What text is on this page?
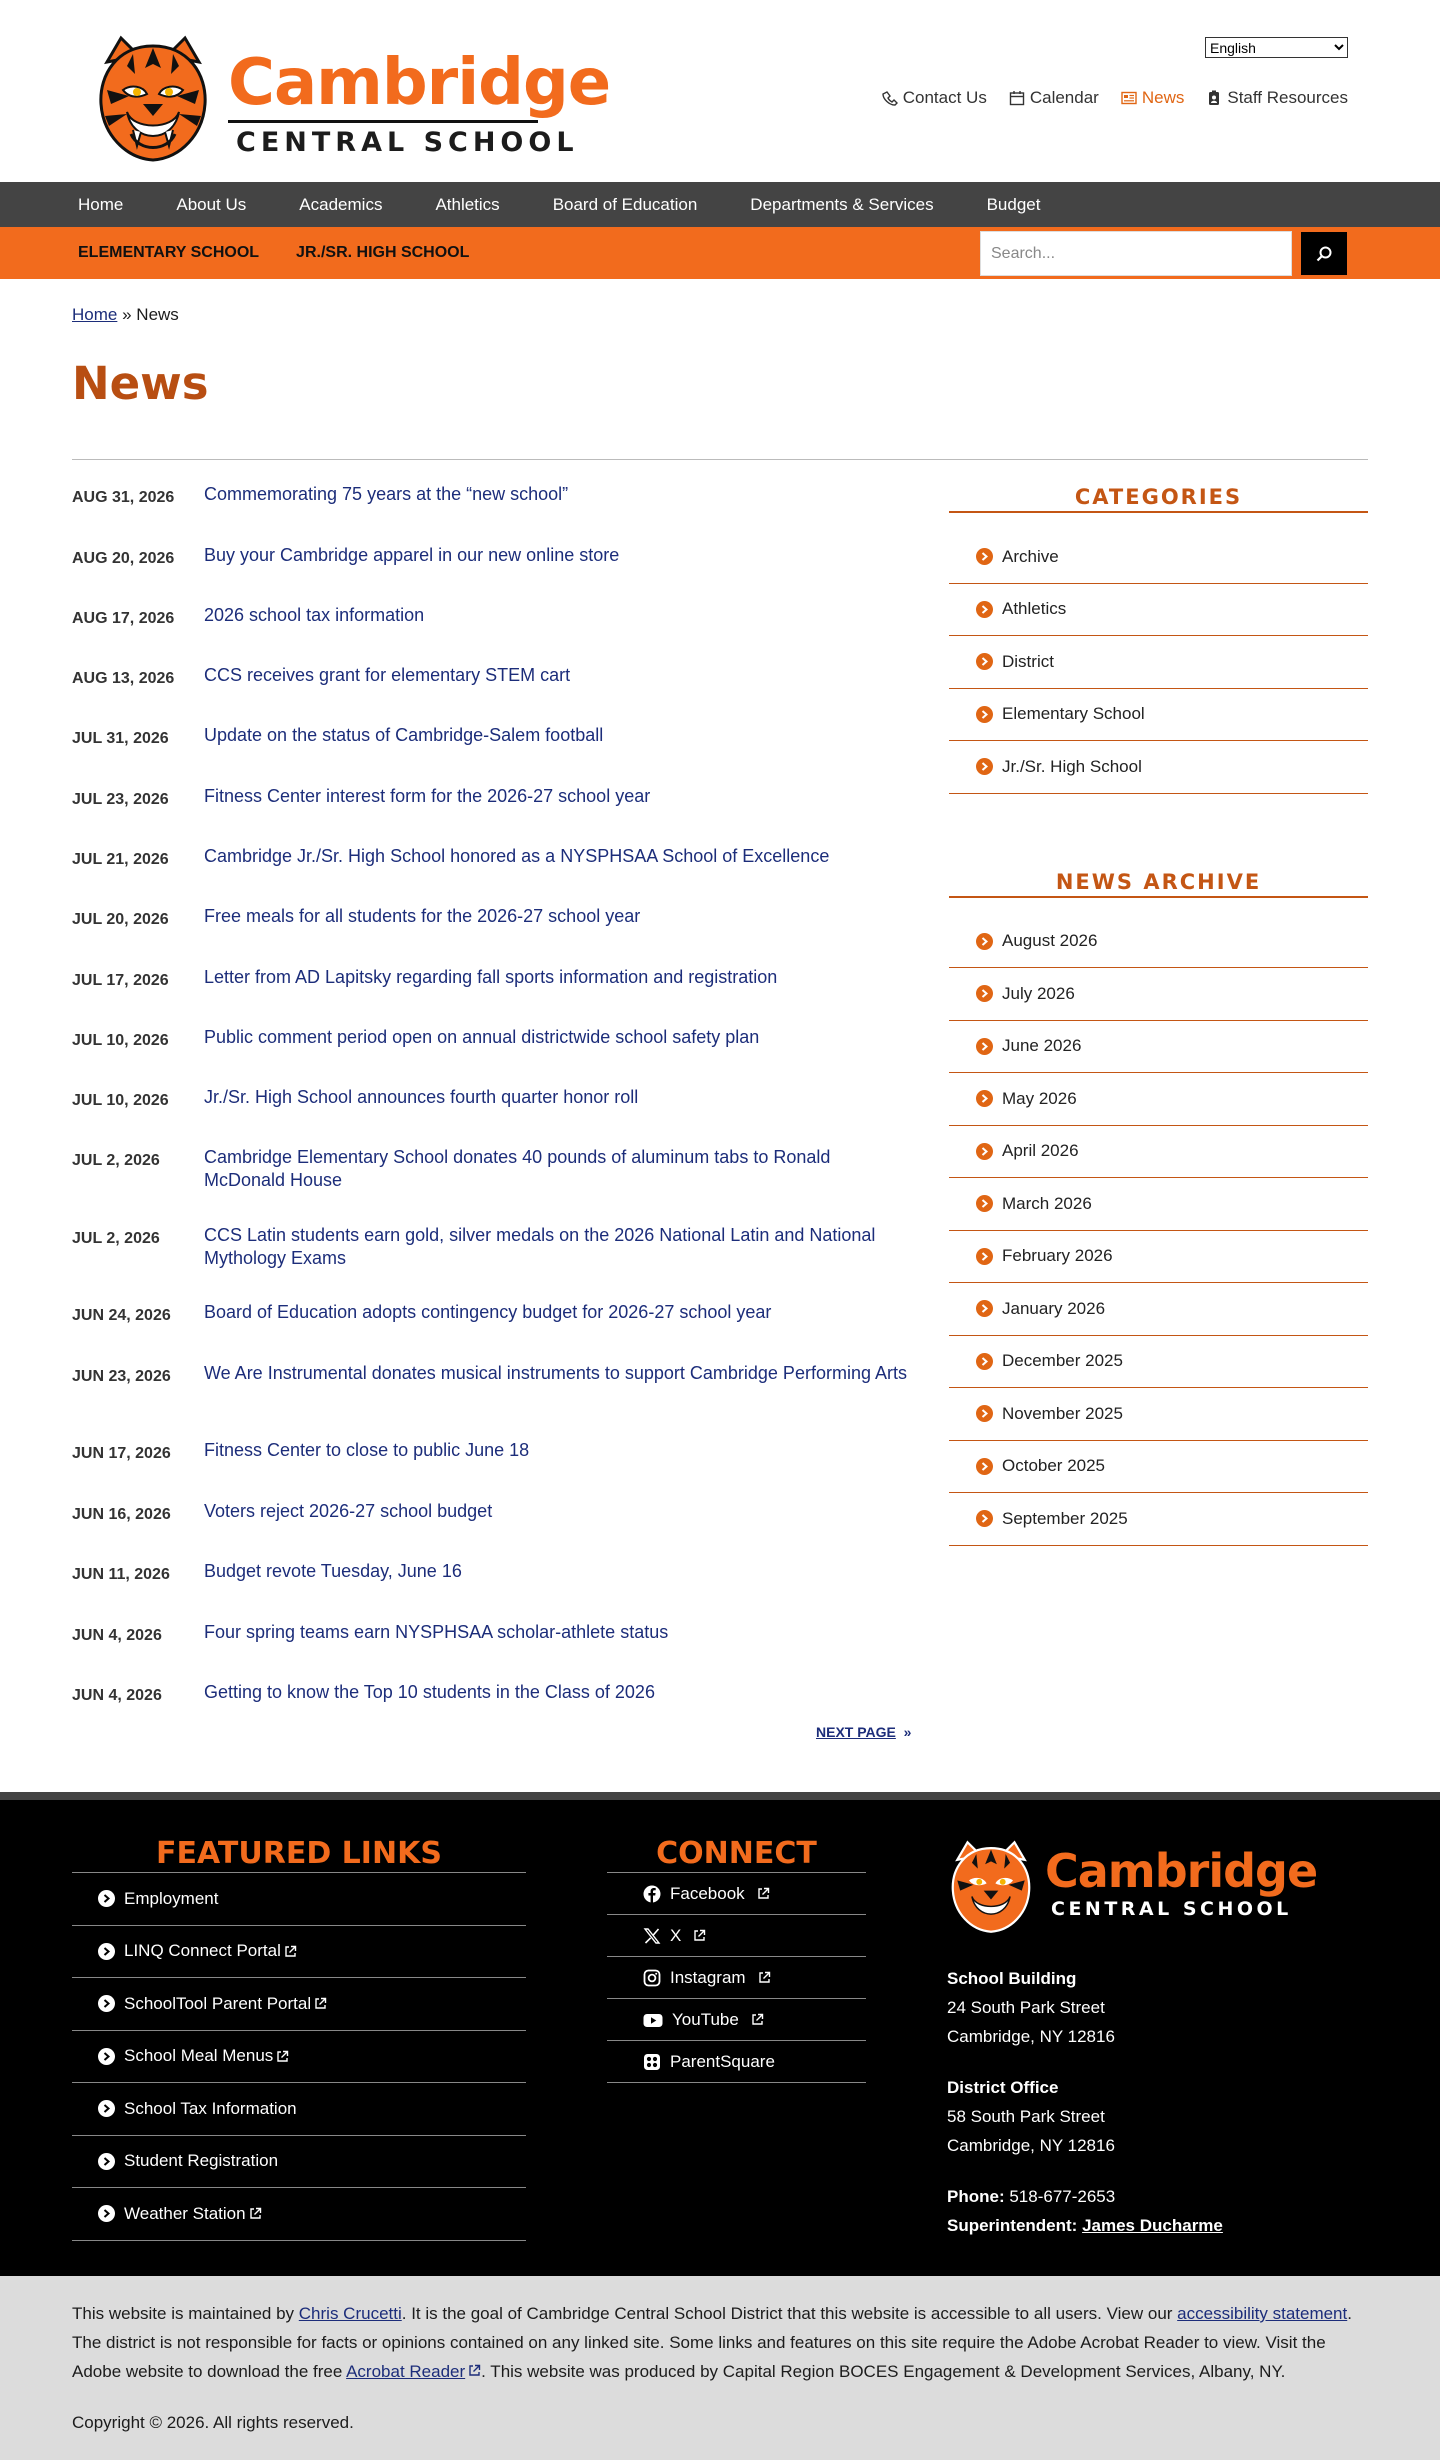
Cambridge
CENTRAL SCHOOL
English
Contact Us	Calendar	News	Staff Resources
Home	About Us	Academics	Athletics	Board of Education	Departments & Services	Budget
ELEMENTARY SCHOOL JR./SR. HIGH SCHOOL	Search...
Home » News
News
AUG 31, 2026	Commemorating 75 years at the “new school”
AUG 20, 2026	Buy your Cambridge apparel in our new online store
AUG 17, 2026	2026 school tax information
AUG 13, 2026	CCS receives grant for elementary STEM cart
JUL 31, 2026	Update on the status of Cambridge-Salem football
JUL 23, 2026	Fitness Center interest form for the 2026-27 school year
JUL 21, 2026	Cambridge Jr./Sr. High School honored as a NYSPHSAA School of Excellence
JUL 20, 2026	Free meals for all students for the 2026-27 school year
JUL 17, 2026	Letter from AD Lapitsky regarding fall sports information and registration
JUL 10, 2026	Public comment period open on annual districtwide school safety plan
JUL 10, 2026	Jr./Sr. High School announces fourth quarter honor roll
JUL 2, 2026	Cambridge Elementary School donates 40 pounds of aluminum tabs to Ronald McDonald House
JUL 2, 2026	CCS Latin students earn gold, silver medals on the 2026 National Latin and National Mythology Exams
JUN 24, 2026	Board of Education adopts contingency budget for 2026-27 school year
JUN 23, 2026	We Are Instrumental donates musical instruments to support Cambridge Performing Arts
JUN 17, 2026	Fitness Center to close to public June 18
JUN 16, 2026	Voters reject 2026-27 school budget
JUN 11, 2026	Budget revote Tuesday, June 16
JUN 4, 2026	Four spring teams earn NYSPHSAA scholar-athlete status
JUN 4, 2026	Getting to know the Top 10 students in the Class of 2026
NEXT PAGE »
CATEGORIES
Archive
Athletics
District
Elementary School
Jr./Sr. High School
NEWS ARCHIVE
August 2026
July 2026
June 2026
May 2026
April 2026
March 2026
February 2026
January 2026
December 2025
November 2025
October 2025
September 2025
FEATURED LINKS
Employment
LINQ Connect Portal
SchoolTool Parent Portal
School Meal Menus
School Tax Information
Student Registration
Weather Station
CONNECT
Facebook
X
Instagram
YouTube
ParentSquare
Cambridge
CENTRAL SCHOOL
School Building
24 South Park Street
Cambridge, NY 12816
District Office
58 South Park Street
Cambridge, NY 12816
Phone: 518-677-2653
Superintendent: James Ducharme

This website is maintained by Chris Crucetti. It is the goal of Cambridge Central School District that this website is accessible to all users. View our accessibility statement. The district is not responsible for facts or opinions contained on any linked site. Some links and features on this site require the Adobe Acrobat Reader to view. Visit the Adobe website to download the free Acrobat Reader . This website was produced by Capital Region BOCES Engagement & Development Services, Albany, NY.

Copyright © 2026. All rights reserved.
